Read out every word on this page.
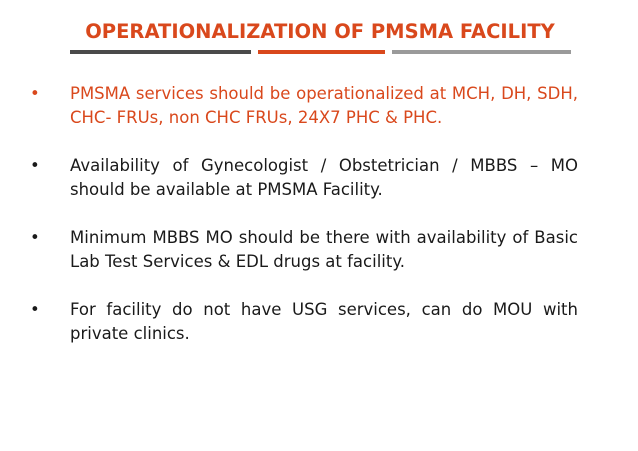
OPERATIONALIZATION OF PMSMA FACILITY
•	PMSMA services should be operationalized at MCH, DH, SDH, CHC- FRUs, non CHC FRUs, 24X7 PHC & PHC.
•	Availability of Gynecologist / Obstetrician / MBBS – MO should be available at PMSMA Facility.
•	Minimum MBBS MO should be there with availability of Basic Lab Test Services & EDL drugs at facility.
•	For facility do not have USG services, can do MOU with private clinics.
